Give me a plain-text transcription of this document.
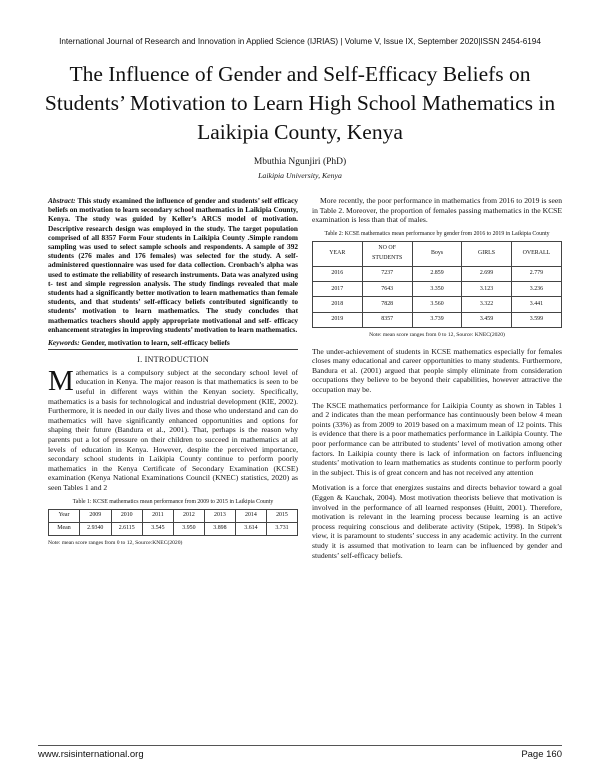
International Journal of Research and Innovation in Applied Science (IJRIAS) | Volume V, Issue IX, September 2020|ISSN 2454-6194
The Influence of Gender and Self-Efficacy Beliefs on Students’ Motivation to Learn High School Mathematics in Laikipia County, Kenya
Mbuthia Ngunjiri (PhD)
Laikipia University, Kenya
Abstract: This study examined the influence of gender and students’ self efficacy beliefs on motivation to learn secondary school mathematics in Laikipia County, Kenya. The study was guided by Keller’s ARCS model of motivation. Descriptive research design was employed in the study. The target population comprised of all 8357 Form Four students in Laikipia County .Simple random sampling was used to select sample schools and respondents. A sample of 392 students (276 males and 176 females) was selected for the study. A self-administered questionnaire was used for data collection. Cronbach’s alpha was used to estimate the reliability of research instruments. Data was analyzed using t- test and simple regression analysis. The study findings revealed that male students had a significantly better motivation to learn mathematics than female students, and that students’ self-efficacy beliefs contributed significantly to students’ motivation to learn mathematics. The study concludes that mathematics teachers should apply appropriate motivational and self- efficacy enhancement strategies in improving students’ motivation to learn mathematics.
Keywords: Gender, motivation to learn, self-efficacy beliefs
I. INTRODUCTION

Mathematics is a compulsory subject at the secondary school level of education in Kenya. The major reason is that mathematics is seen to be useful in different ways within the Kenyan society. Specifically, mathematics is a basis for technological and industrial development (KIE, 2002). Furthermore, it is needed in our daily lives and those who understand and can do mathematics will have significantly enhanced opportunities and options for shaping their future (Bandura et al., 2001). That, perhaps is the reason why parents put a lot of pressure on their children to succeed in mathematics at all levels of education in Kenya. However, despite the perceived importance, secondary school students in Laikipia County continue to perform poorly mathematics in the Kenya Certificate of Secondary Examination (KCSE) examination (Kenya National Examinations Council (KNEC) statistics, 2020) as seen Tables 1 and 2

Table 1: KCSE mathematics mean performance from 2009 to 2015 in Laikipia County
Year	2009	2010	2011	2012	2013	2014	2015
Mean	2.9340	2.6115	3.545	3.950	3.898	3.614	3.731
Note: mean score ranges from 0 to 12, Source:KNEC(2020)

More recently, the poor performance in mathematics from 2016 to 2019 is seen in Table 2. Moreover, the proportion of females passing mathematics in the KCSE examination is less than that of males.

Table 2: KCSE mathematics mean performance by gender from 2016 to 2019 in Laikipia County
YEAR	NO OF STUDENTS	Boys	GIRLS	OVERALL
2016	7237	2.859	2.699	2.779
2017	7643	3.350	3.123	3.236
2018	7828	3.560	3.322	3.441
2019	8357	3.739	3.459	3.599
Note: mean score ranges from 0 to 12, Source: KNEC(2020)

The under-achievement of students in KCSE mathematics especially for females closes many educational and career opportunities to many students. Furthermore, Bandura et al. (2001) argued that people simply eliminate from consideration occupations they believe to be beyond their capabilities, however attractive the occupation may be.

The KSCE mathematics performance for Laikipia County as shown in Tables 1 and 2 indicates than the mean performance has continuously been below 4 mean points (33%) as from 2009 to 2019 based on a maximum mean of 12 points. This is evidence that there is a poor mathematics performance in Laikipia County. The poor performance can be attributed to students’ level of motivation among other factors. In Laikipia county there is lack of information on factors influencing students’ motivation to learn mathematics as students continue to perform poorly in the subject. This is of great concern and has not received any attention

Motivation is a force that energizes sustains and directs behavior toward a goal (Eggen & Kauchak, 2004). Most motivation theorists believe that motivation is involved in the performance of all learned responses (Huitt, 2001). Therefore, motivation is relevant in the learning process because learning is an active process requiring conscious and deliberate activity (Stipek, 1998). In Stipek’s view, it is paramount to students’ success in any academic activity. In the current study it is assumed that motivation to learn can be influenced by gender and students’ self-efficacy beliefs.

www.rsisinternational.org	Page 160
